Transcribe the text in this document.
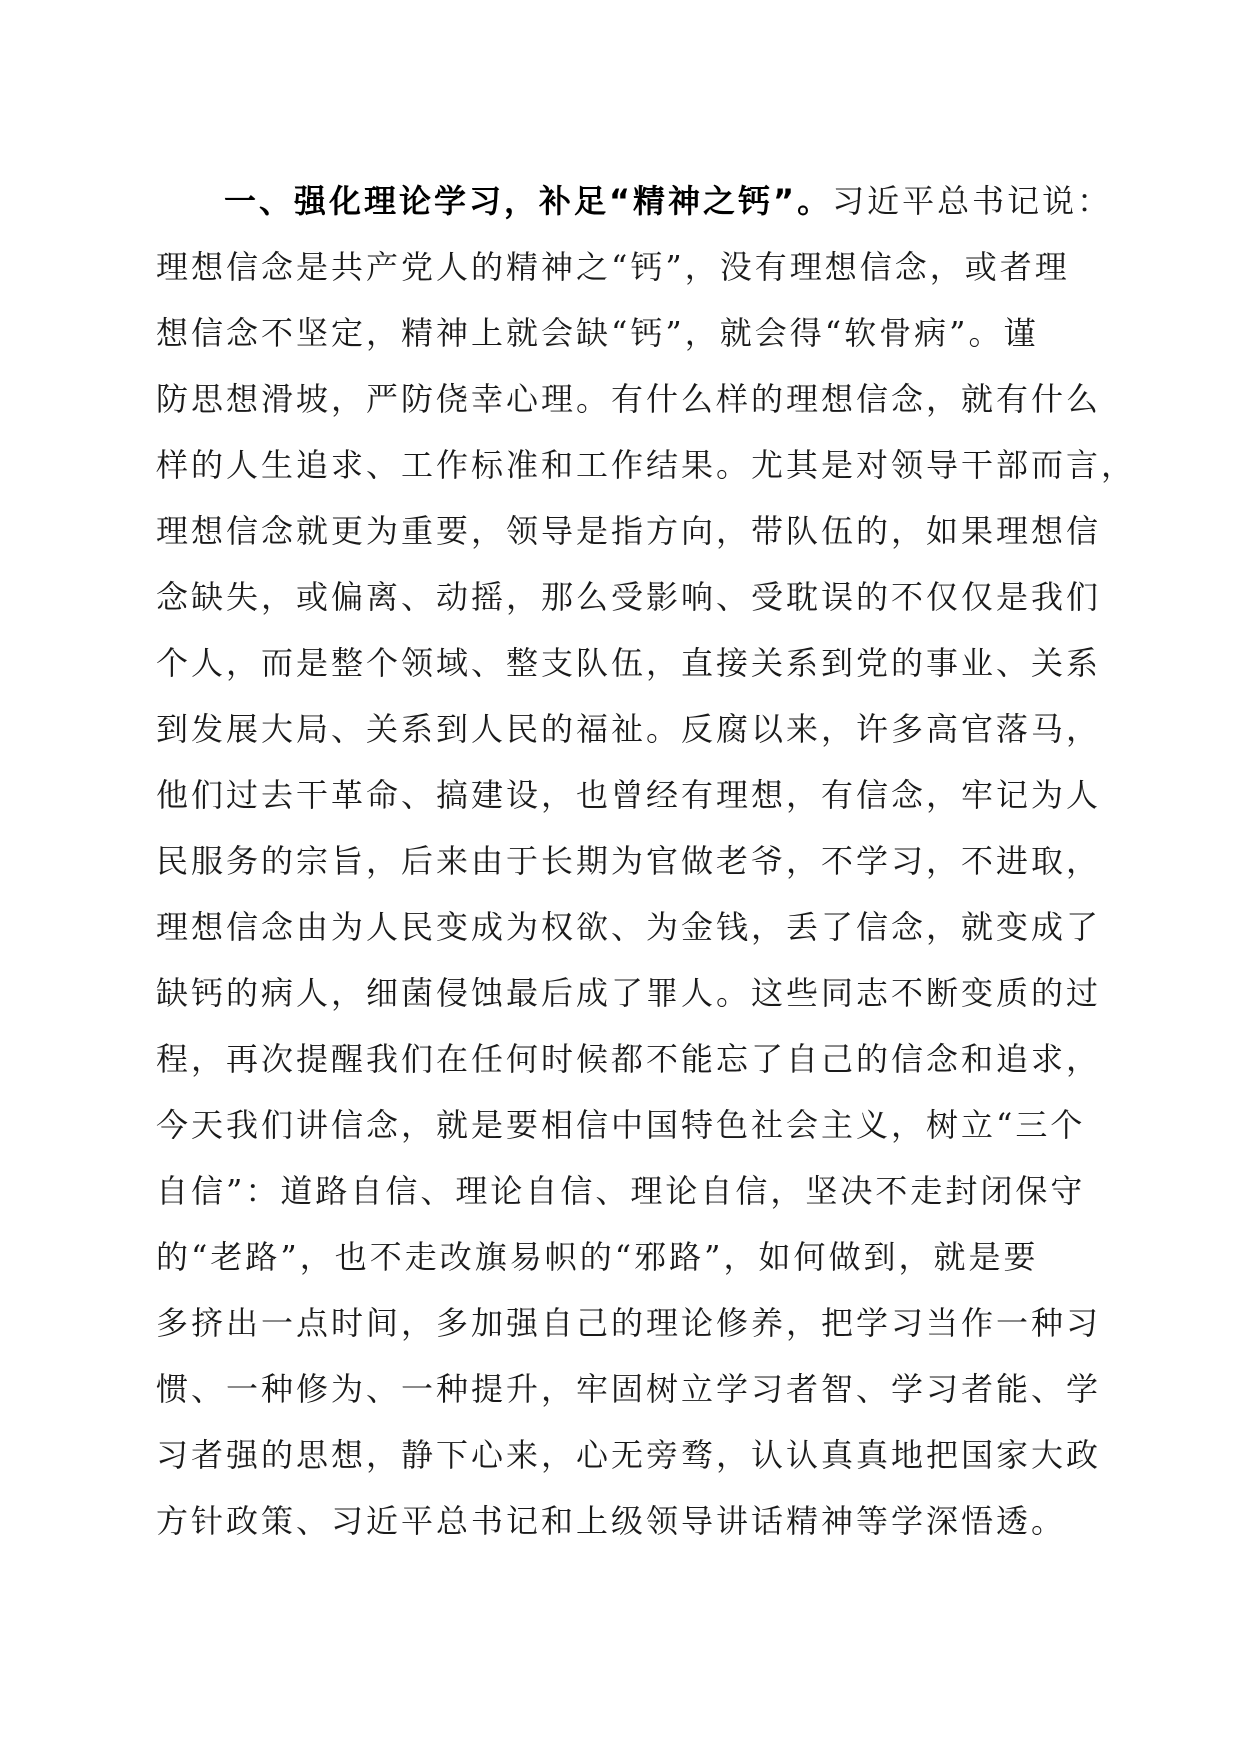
一、强化理论学习，补足“精神之钙”。习近平总书记说：
理想信念是共产党人的精神之“钙”，没有理想信念，或者理
想信念不坚定，精神上就会缺“钙”，就会得“软骨病”。谨
防思想滑坡，严防侥幸心理。有什么样的理想信念，就有什么
样的人生追求、工作标准和工作结果。尤其是对领导干部而言，
理想信念就更为重要，领导是指方向，带队伍的，如果理想信
念缺失，或偏离、动摇，那么受影响、受耽误的不仅仅是我们
个人，而是整个领域、整支队伍，直接关系到党的事业、关系
到发展大局、关系到人民的福祉。反腐以来，许多高官落马，
他们过去干革命、搞建设，也曾经有理想，有信念，牢记为人
民服务的宗旨，后来由于长期为官做老爷，不学习，不进取，
理想信念由为人民变成为权欲、为金钱，丢了信念，就变成了
缺钙的病人，细菌侵蚀最后成了罪人。这些同志不断变质的过
程，再次提醒我们在任何时候都不能忘了自己的信念和追求，
今天我们讲信念，就是要相信中国特色社会主义，树立“三个
自信”：道路自信、理论自信、理论自信，坚决不走封闭保守
的“老路”，也不走改旗易帜的“邪路”，如何做到，就是要
多挤出一点时间，多加强自己的理论修养，把学习当作一种习
惯、一种修为、一种提升，牢固树立学习者智、学习者能、学
习者强的思想，静下心来，心无旁骛，认认真真地把国家大政
方针政策、习近平总书记和上级领导讲话精神等学深悟透。
